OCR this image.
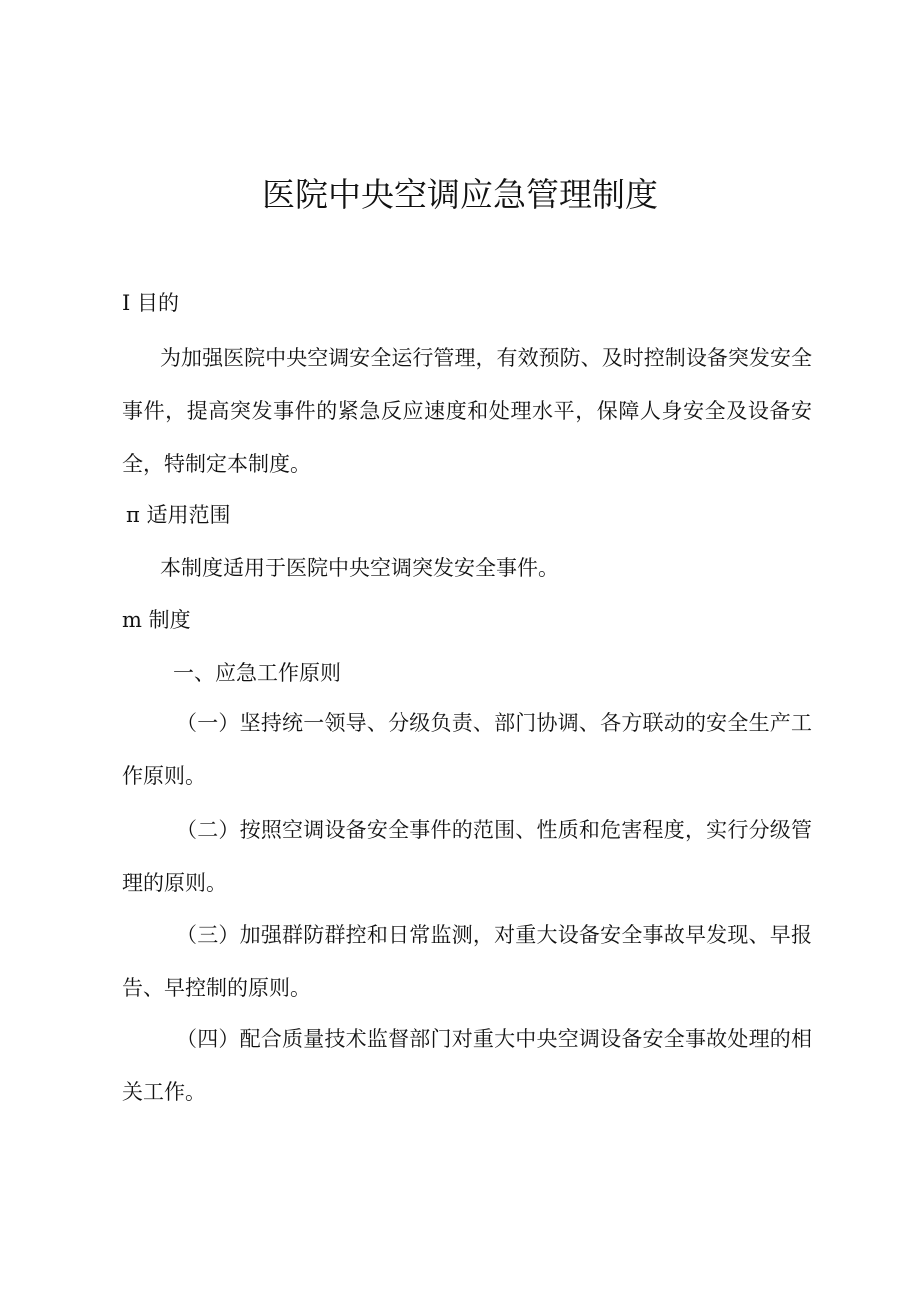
医院中央空调应急管理制度
I 目的
为加强医院中央空调安全运行管理，有效预防、及时控制设备突发安全事件，提高突发事件的紧急反应速度和处理水平，保障人身安全及设备安全，特制定本制度。
π 适用范围
本制度适用于医院中央空调突发安全事件。
m 制度
一、应急工作原则
（一）坚持统一领导、分级负责、部门协调、各方联动的安全生产工作原则。
（二）按照空调设备安全事件的范围、性质和危害程度，实行分级管理的原则。
（三）加强群防群控和日常监测，对重大设备安全事故早发现、早报告、早控制的原则。
（四）配合质量技术监督部门对重大中央空调设备安全事故处理的相关工作。
